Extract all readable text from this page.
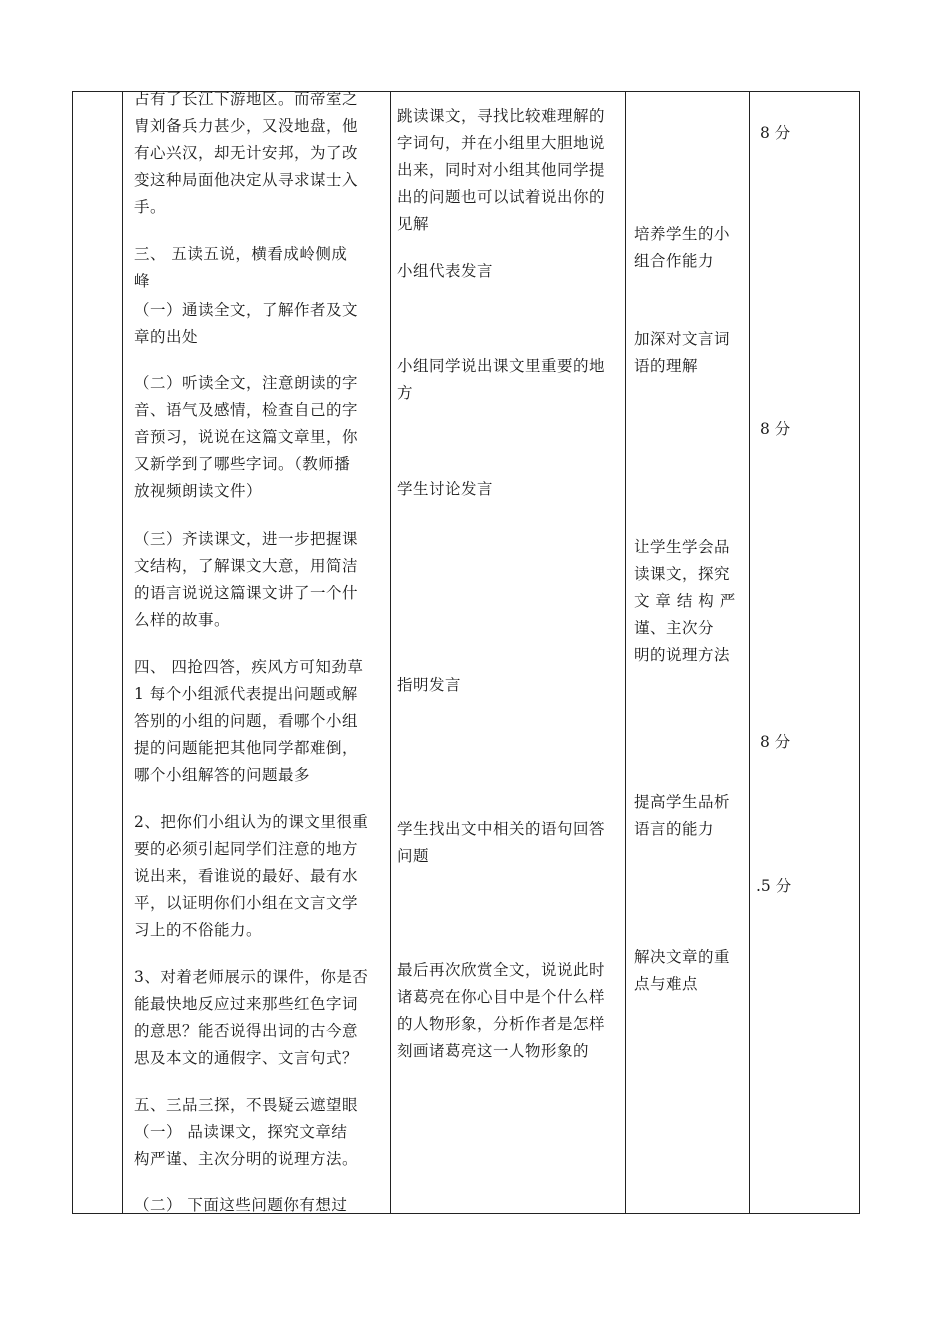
占有了长江下游地区。而帝室之

胄刘备兵力甚少，又没地盘，他

有心兴汉，却无计安邦，为了改

变这种局面他决定从寻求谋士入

手。

三、 五读五说，横看成岭侧成

峰

（一）通读全文，了解作者及文

章的出处

（二）听读全文，注意朗读的字

音、语气及感情，检查自己的字

音预习，说说在这篇文章里，你

又新学到了哪些字词。（教师播

放视频朗读文件）

（三）齐读课文，进一步把握课

文结构，了解课文大意，用简洁

的语言说说这篇课文讲了一个什

么样的故事。

四、 四抢四答，疾风方可知劲草

1 每个小组派代表提出问题或解

答别的小组的问题，看哪个小组

提的问题能把其他同学都难倒，

哪个小组解答的问题最多

2、把你们小组认为的课文里很重

要的必须引起同学们注意的地方

说出来，看谁说的最好、最有水

平，以证明你们小组在文言文学

习上的不俗能力。

3、对着老师展示的课件，你是否

能最快地反应过来那些红色字词

的意思？能否说得出词的古今意

思及本文的通假字、文言句式？

五、三品三探，不畏疑云遮望眼

（一） 品读课文，探究文章结

构严谨、主次分明的说理方法。

（二） 下面这些问题你有想过

跳读课文，寻找比较难理解的

字词句，并在小组里大胆地说

出来，同时对小组其他同学提

出的问题也可以试着说出你的

见解

小组代表发言

小组同学说出课文里重要的地

方

学生讨论发言

指明发言

学生找出文中相关的语句回答

问题

最后再次欣赏全文，说说此时

诸葛亮在你心目中是个什么样

的人物形象，分析作者是怎样

刻画诸葛亮这一人物形象的

培养学生的小

组合作能力

加深对文言词

语的理解

让学生学会品

读课文，探究

文 章 结 构 严

谨、主次分

明的说理方法

提高学生品析

语言的能力

解决文章的重

点与难点

8 分
8 分
8 分
.5 分
